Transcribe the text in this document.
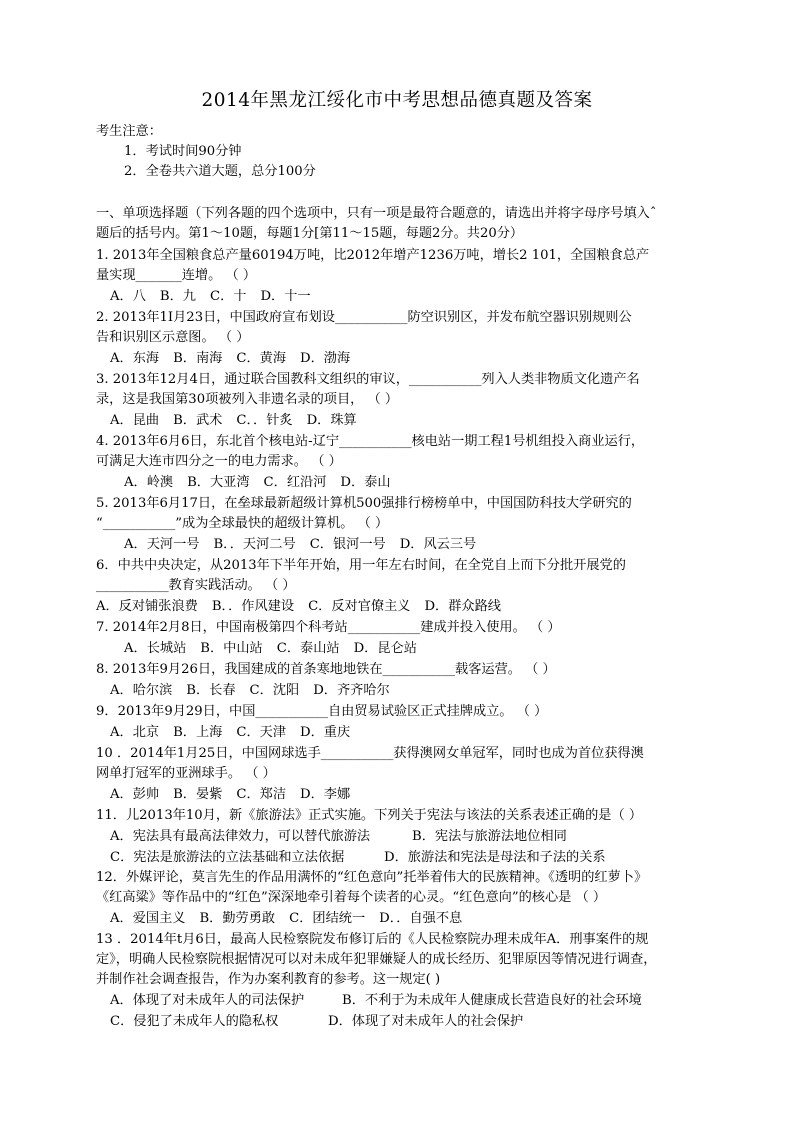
2014年黑龙江绥化市中考思想品德真题及答案
考生注意：
1．考试时间90分钟
2．全卷共六道大题，总分100分
一、单项选择题（下列各题的四个选项中，只有一项是最符合题意的，请选出并将字母序号填入ˆ
题后的括号内。第1～10题，每题1分[第11～15题，每题2分。共20分）
1. 2013年全国粮食总产量60194万吨，比2012年增产1236万吨，增长2 101，全国粮食总产
量实现_______连增。 （ ）
A．八 B．九 C．十 D．十一
2. 2013年1I月23日，中国政府宣布划设___________防空识别区，并发布航空器识别规则公
告和识别区示意图。 （ ）
A．东海 B．南海 C．黄海 D．渤海
3. 2013年12月4日，通过联合国教科文组织的审议，___________列入人类非物质文化遗产名
录，这是我国第30项被列入非遗名录的项目， （ ）
A．昆曲 B．武术 C．．针炙 D．珠算
4. 2013年6月6日，东北首个核电站-辽宁___________核电站一期工程1号机组投入商业运行，
可满足大连市四分之一的电力需求。 （ ）
A．岭澳 B．大亚湾 C．红沿河 D．泰山
5. 2013年6月17日，在垒球最新超级计算机500强排行榜榜单中，中国国防科技大学研究的
“___________”成为全球最快的超级计算机。 （ ）
A．天河一号 B．．天河二号 C．银河一号 D．风云三号
6．中共中央决定，从2013年下半年开始，用一年左右时间，在全党自上而下分批开展党的
___________教育实践活动。 （ ）
A．反对铺张浪费 B．．作风建设 C．反对官僚主义 D．群众路线
7. 2014年2月8日，中国南极第四个科考站___________建成并投入使用。 （ ）
A．长城站 B．中山站 C．泰山站 D．昆仑站
8. 2013年9月26日，我国建成的首条寒地地铁在___________载客运营。 （ ）
A．哈尔滨 B．长春 C．沈阳 D．齐齐哈尔
9．2013年9月29日，中国___________自由贸易试验区正式挂牌成立。 （ ）
A．北京 B．上海 C．天津 D．重庆
10 ．2014年1月25日，中国网球选手___________获得澳网女单冠军，同时也成为首位获得澳
网单打冠军的亚洲球手。 （ ）
A．彭帅 B．晏紫 C．郑洁 D．李娜
11．儿2013年10月，新《旅游法》正式实施。下列关于宪法与该法的关系表述正确的是（ ）
A．宪法具有最高法律效力，可以替代旅游法	B．宪法与旅游法地位相同
C．宪法是旅游法的立法基础和立法依据	D．旅游法和宪法是母法和子法的关系
12．外媒评论，莫言先生的作品用满怀的“红色意向”托举着伟大的民族精神。《透明的红萝卜》
《红高粱》等作品中的“红色”深深地牵引着每个读者的心灵。“红色意向”的核心是 （ ）
A．爱国主义 B．勤劳勇敢 C．团结统一 D．．自强不息
13 ．2014年t月6日，最高人民检察院发布修订后的《人民检察院办理未成年A．刑事案件的规
定》，明确人民检察院根据情况可以对未成年犯罪嫌疑人的成长经历、犯罪原因等情况进行调查，
并制作社会调查报告，作为办案利教育的参考。这一规定( )
A．体现了对未成年人的司法保护	B．不利于为未成年人健康成长营造良好的社会环境
C．侵犯了未成年人的隐私权	D．体现了对未成年人的社会保护
